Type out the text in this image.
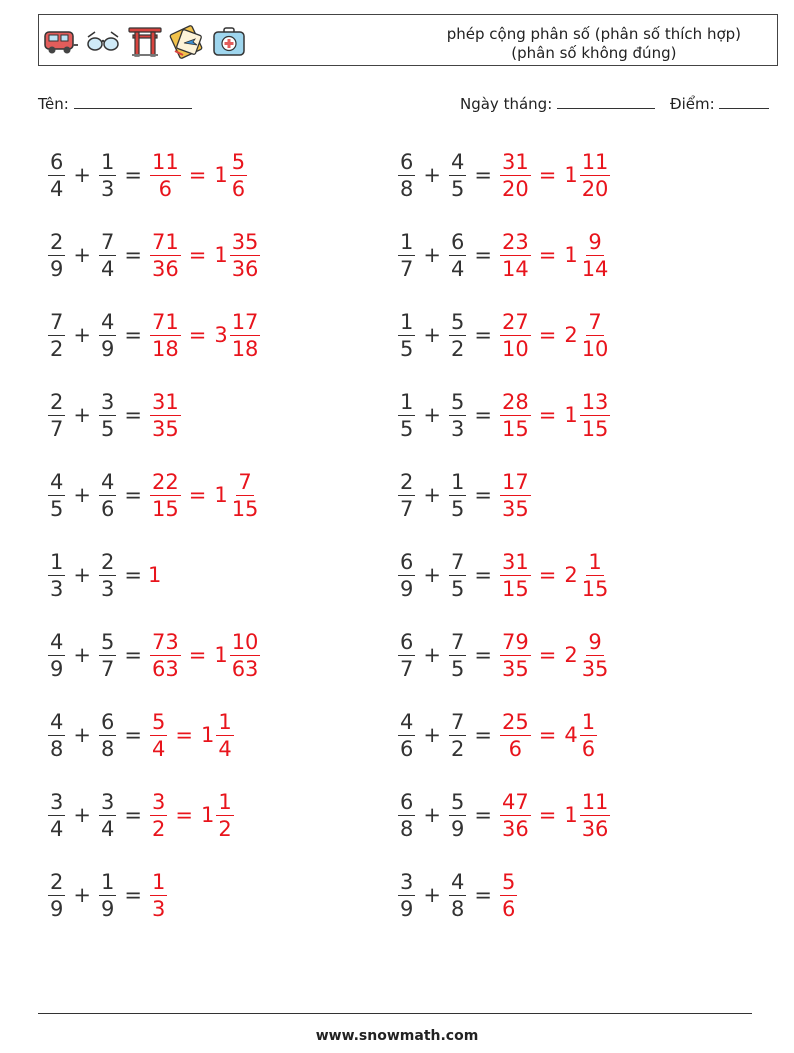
phép cộng phân số (phân số thích hợp)
(phân số không đúng)
Tên:	Ngày tháng:	Điểm:
$\frac{6}{4} + \frac{1}{3} = \frac{11}{6} = 1 \frac{5}{6}$	$\frac{6}{8} + \frac{4}{5} = \frac{31}{20} = 1 \frac{11}{20}$
$\frac{2}{9} + \frac{7}{4} = \frac{71}{36} = 1 \frac{35}{36}$	$\frac{1}{7} + \frac{6}{4} = \frac{23}{14} = 1 \frac{9}{14}$
$\frac{7}{2} + \frac{4}{9} = \frac{71}{18} = 3 \frac{17}{18}$	$\frac{1}{5} + \frac{5}{2} = \frac{27}{10} = 2 \frac{7}{10}$
$\frac{2}{7} + \frac{3}{5} = \frac{31}{35}$	$\frac{1}{5} + \frac{5}{3} = \frac{28}{15} = 1 \frac{13}{15}$
$\frac{4}{5} + \frac{4}{6} = \frac{22}{15} = 1 \frac{7}{15}$	$\frac{2}{7} + \frac{1}{5} = \frac{17}{35}$
$\frac{1}{3} + \frac{2}{3} = 1$	$\frac{6}{9} + \frac{7}{5} = \frac{31}{15} = 2 \frac{1}{15}$
$\frac{4}{9} + \frac{5}{7} = \frac{73}{63} = 1 \frac{10}{63}$	$\frac{6}{7} + \frac{7}{5} = \frac{79}{35} = 2 \frac{9}{35}$
$\frac{4}{8} + \frac{6}{8} = \frac{5}{4} = 1 \frac{1}{4}$	$\frac{4}{6} + \frac{7}{2} = \frac{25}{6} = 4 \frac{1}{6}$
$\frac{3}{4} + \frac{3}{4} = \frac{3}{2} = 1 \frac{1}{2}$	$\frac{6}{8} + \frac{5}{9} = \frac{47}{36} = 1 \frac{11}{36}$
$\frac{2}{9} + \frac{1}{9} = \frac{1}{3}$	$\frac{3}{9} + \frac{4}{8} = \frac{5}{6}$
www.snowmath.com
